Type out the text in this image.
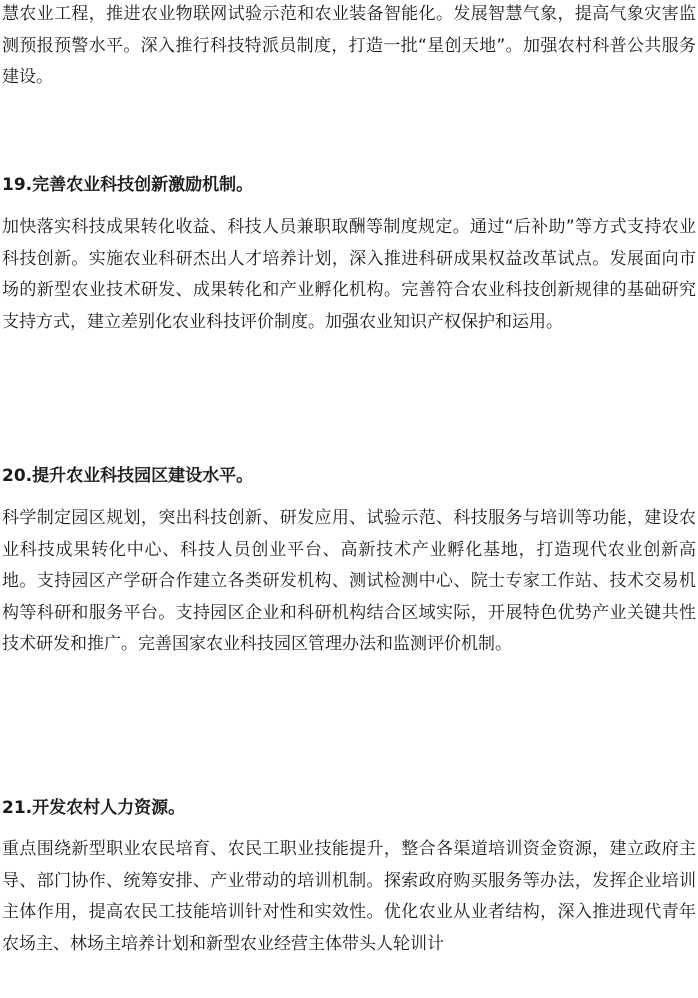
慧农业工程，推进农业物联网试验示范和农业装备智能化。发展智慧气象，提高气象灾害监测预报预警水平。深入推行科技特派员制度，打造一批“星创天地”。加强农村科普公共服务建设。

19.完善农业科技创新激励机制。

加快落实科技成果转化收益、科技人员兼职取酬等制度规定。通过“后补助”等方式支持农业科技创新。实施农业科研杰出人才培养计划，深入推进科研成果权益改革试点。发展面向市场的新型农业技术研发、成果转化和产业孵化机构。完善符合农业科技创新规律的基础研究支持方式，建立差别化农业科技评价制度。加强农业知识产权保护和运用。

20.提升农业科技园区建设水平。

科学制定园区规划，突出科技创新、研发应用、试验示范、科技服务与培训等功能，建设农业科技成果转化中心、科技人员创业平台、高新技术产业孵化基地，打造现代农业创新高地。支持园区产学研合作建立各类研发机构、测试检测中心、院士专家工作站、技术交易机构等科研和服务平台。支持园区企业和科研机构结合区域实际，开展特色优势产业关键共性技术研发和推广。完善国家农业科技园区管理办法和监测评价机制。

21.开发农村人力资源。

重点围绕新型职业农民培育、农民工职业技能提升，整合各渠道培训资金资源，建立政府主导、部门协作、统筹安排、产业带动的培训机制。探索政府购买服务等办法，发挥企业培训主体作用，提高农民工技能培训针对性和实效性。优化农业从业者结构，深入推进现代青年农场主、林场主培养计划和新型农业经营主体带头人轮训计
